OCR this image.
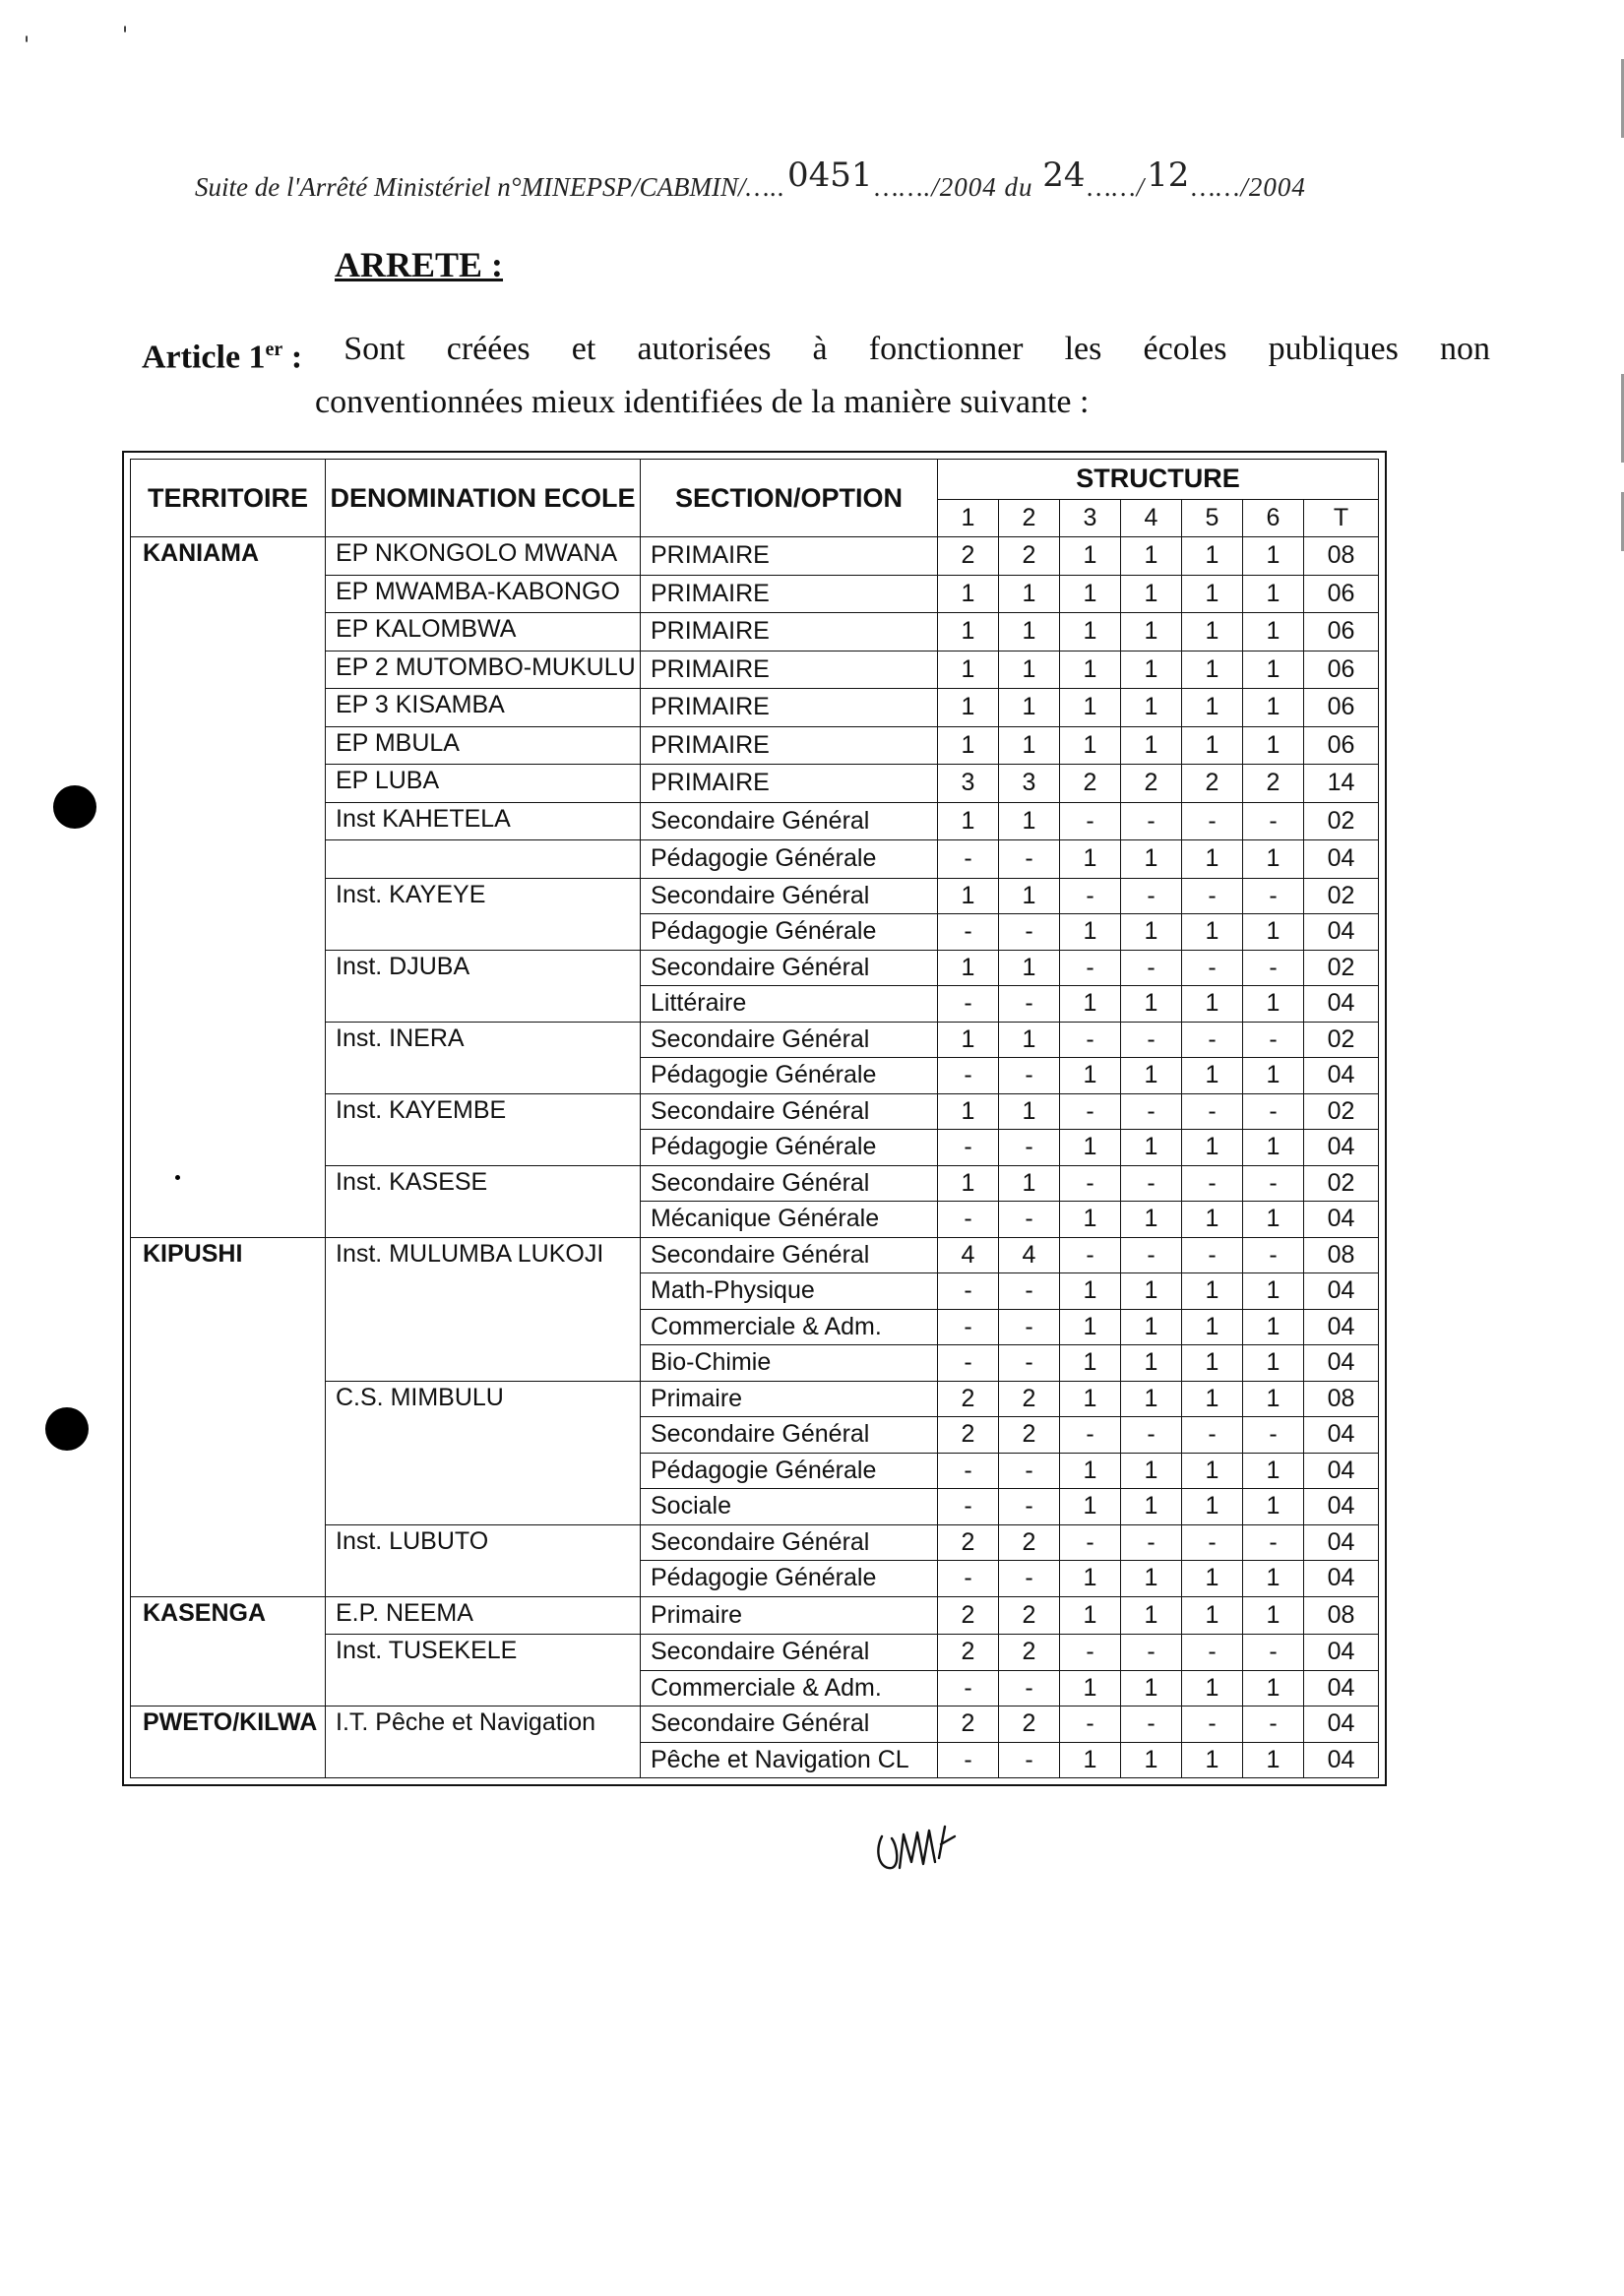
'	'
Suite de l'Arrêté Ministériel n°MINEPSP/CABMIN/…..0451……./2004 du 24……/12……/2004
ARRETE :
Article 1er : Sont créées et autorisées à fonctionner les écoles publiques non
conventionnées mieux identifiées de la manière suivante :
TERRITOIRE	DENOMINATION ECOLE	SECTION/OPTION	STRUCTURE						
			1	2	3	4	5	6	T
KANIAMA	EP NKONGOLO MWANA	PRIMAIRE	2	2	1	1	1	1	08
	EP MWAMBA-KABONGO	PRIMAIRE	1	1	1	1	1	1	06
	EP KALOMBWA	PRIMAIRE	1	1	1	1	1	1	06
	EP 2 MUTOMBO-MUKULU	PRIMAIRE	1	1	1	1	1	1	06
	EP 3 KISAMBA	PRIMAIRE	1	1	1	1	1	1	06
	EP MBULA	PRIMAIRE	1	1	1	1	1	1	06
	EP LUBA	PRIMAIRE	3	3	2	2	2	2	14
	Inst KAHETELA	Secondaire Général	1	1	-	-	-	-	02
		Pédagogie Générale	-	-	1	1	1	1	04
	Inst. KAYEYE	Secondaire Général	1	1	-	-	-	-	02
		Pédagogie Générale	-	-	1	1	1	1	04
	Inst. DJUBA	Secondaire Général	1	1	-	-	-	-	02
		Littéraire	-	-	1	1	1	1	04
	Inst. INERA	Secondaire Général	1	1	-	-	-	-	02
		Pédagogie Générale	-	-	1	1	1	1	04
	Inst. KAYEMBE	Secondaire Général	1	1	-	-	-	-	02
		Pédagogie Générale	-	-	1	1	1	1	04
	Inst. KASESE	Secondaire Général	1	1	-	-	-	-	02
		Mécanique Générale	-	-	1	1	1	1	04
KIPUSHI	Inst. MULUMBA LUKOJI	Secondaire Général	4	4	-	-	-	-	08
		Math-Physique	-	-	1	1	1	1	04
		Commerciale & Adm.	-	-	1	1	1	1	04
		Bio-Chimie	-	-	1	1	1	1	04
	C.S. MIMBULU	Primaire	2	2	1	1	1	1	08
		Secondaire Général	2	2	-	-	-	-	04
		Pédagogie Générale	-	-	1	1	1	1	04
		Sociale	-	-	1	1	1	1	04
	Inst. LUBUTO	Secondaire Général	2	2	-	-	-	-	04
		Pédagogie Générale	-	-	1	1	1	1	04
KASENGA	E.P. NEEMA	Primaire	2	2	1	1	1	1	08
	Inst. TUSEKELE	Secondaire Général	2	2	-	-	-	-	04
		Commerciale & Adm.	-	-	1	1	1	1	04
PWETO/KILWA	I.T. Pêche et Navigation	Secondaire Général	2	2	-	-	-	-	04
		Pêche et Navigation CL	-	-	1	1	1	1	04
